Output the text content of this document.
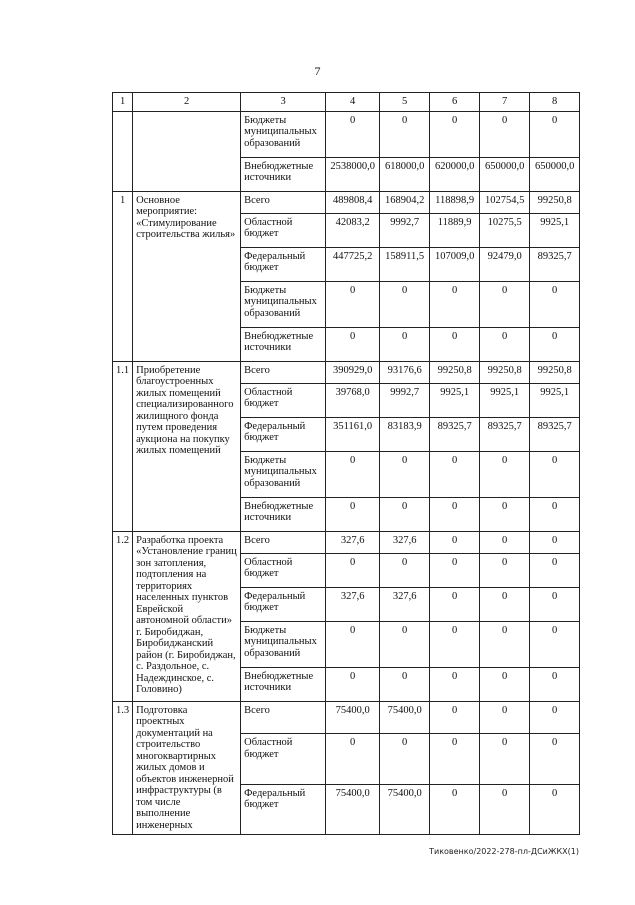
7
1	2	3	4	5	6	7	8
		Бюджеты муниципальных образований	0	0	0	0	0
		Внебюджетные источники	2538000,0	618000,0	620000,0	650000,0	650000,0
1	Основное мероприятие: «Стимулирование строительства жилья»	Всего	489808,4	168904,2	118898,9	102754,5	99250,8
		Областной бюджет	42083,2	9992,7	11889,9	10275,5	9925,1
		Федеральный бюджет	447725,2	158911,5	107009,0	92479,0	89325,7
		Бюджеты муниципальных образований	0	0	0	0	0
		Внебюджетные источники	0	0	0	0	0
1.1	Приобретение благоустроенных жилых помещений специализированного жилищного фонда путем проведения аукциона на покупку жилых помещений	Всего	390929,0	93176,6	99250,8	99250,8	99250,8
		Областной бюджет	39768,0	9992,7	9925,1	9925,1	9925,1
		Федеральный бюджет	351161,0	83183,9	89325,7	89325,7	89325,7
		Бюджеты муниципальных образований	0	0	0	0	0
		Внебюджетные источники	0	0	0	0	0
1.2	Разработка проекта «Установление границ зон затопления, подтопления на территориях населенных пунктов Еврейской автономной области» г. Биробиджан, Биробиджанский район (г. Биробиджан, с. Раздольное, с. Надеждинское, с. Головино)	Всего	327,6	327,6	0	0	0
		Областной бюджет	0	0	0	0	0
		Федеральный бюджет	327,6	327,6	0	0	0
		Бюджеты муниципальных образований	0	0	0	0	0
		Внебюджетные источники	0	0	0	0	0
1.3	Подготовка проектных документаций на строительство многоквартирных жилых домов и объектов инженерной инфраструктуры (в том числе выполнение инженерных	Всего	75400,0	75400,0	0	0	0
		Областной бюджет	0	0	0	0	0
		Федеральный бюджет	75400,0	75400,0	0	0	0
Тиковенко/2022-278-пл-ДСиЖКХ(1)
